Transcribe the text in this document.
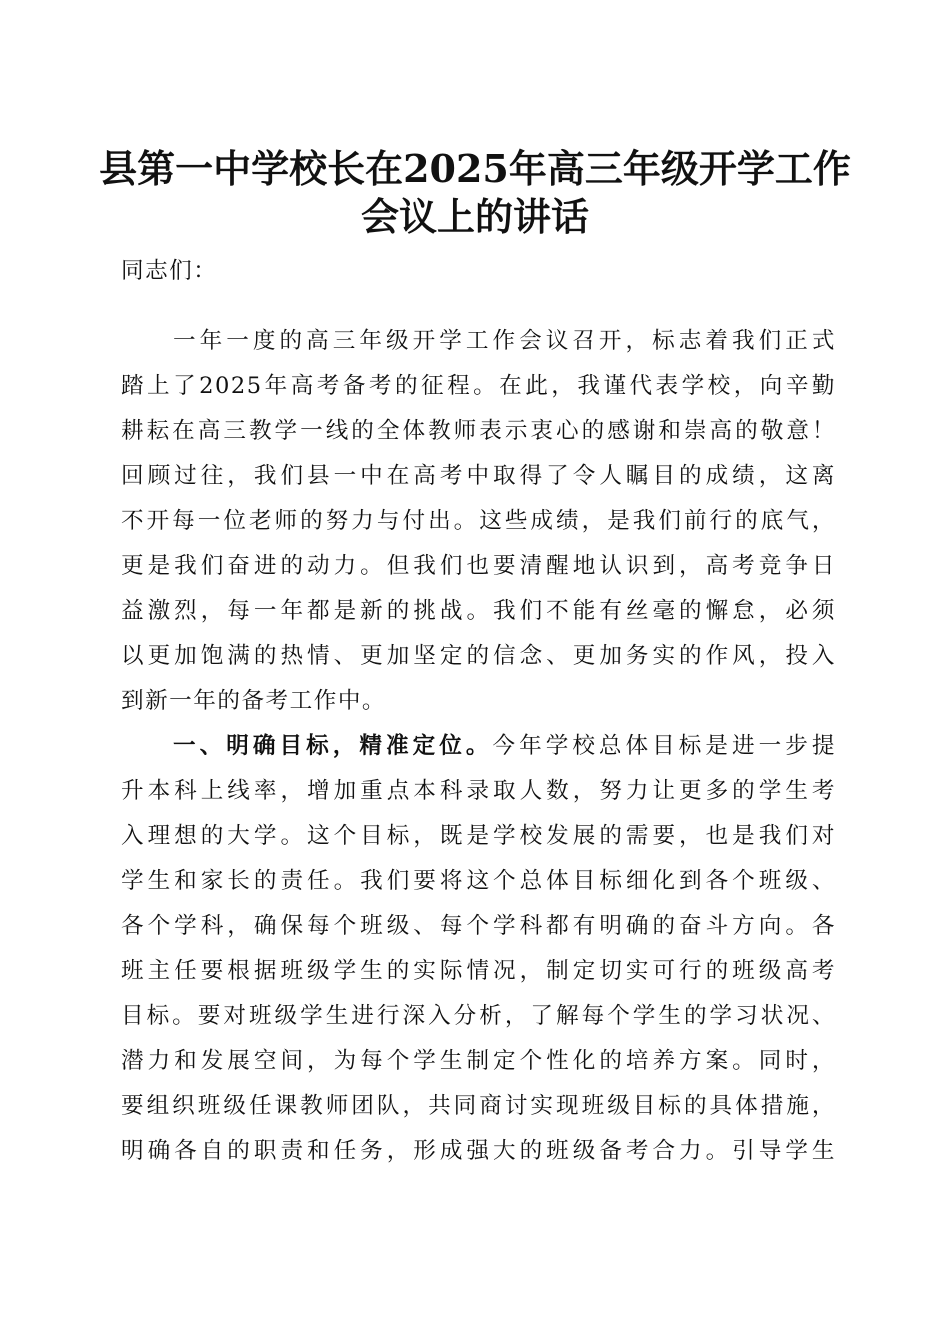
县第一中学校长在2025年高三年级开学工作
会议上的讲话
同志们：
一年一度的高三年级开学工作会议召开，标志着我们正式
踏上了2025年高考备考的征程。在此，我谨代表学校，向辛勤
耕耘在高三教学一线的全体教师表示衷心的感谢和崇高的敬意！
回顾过往，我们县一中在高考中取得了令人瞩目的成绩，这离
不开每一位老师的努力与付出。这些成绩，是我们前行的底气，
更是我们奋进的动力。但我们也要清醒地认识到，高考竞争日
益激烈，每一年都是新的挑战。我们不能有丝毫的懈怠，必须
以更加饱满的热情、更加坚定的信念、更加务实的作风，投入
到新一年的备考工作中。
一、明确目标，精准定位。今年学校总体目标是进一步提
升本科上线率，增加重点本科录取人数，努力让更多的学生考
入理想的大学。这个目标，既是学校发展的需要，也是我们对
学生和家长的责任。我们要将这个总体目标细化到各个班级、
各个学科，确保每个班级、每个学科都有明确的奋斗方向。各
班主任要根据班级学生的实际情况，制定切实可行的班级高考
目标。要对班级学生进行深入分析，了解每个学生的学习状况、
潜力和发展空间，为每个学生制定个性化的培养方案。同时，
要组织班级任课教师团队，共同商讨实现班级目标的具体措施，
明确各自的职责和任务，形成强大的班级备考合力。引导学生
